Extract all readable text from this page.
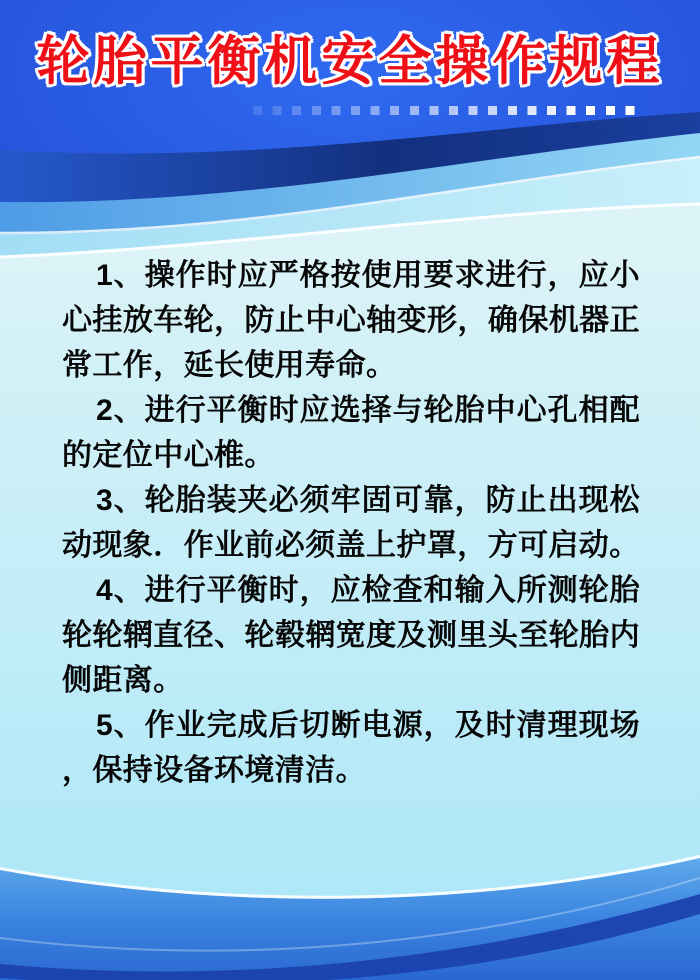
轮胎平衡机安全操作规程

1、操作时应严格按使用要求进行，应小心挂放车轮，防止中心轴变形，确保机器正常工作，延长使用寿命。

2、进行平衡时应选择与轮胎中心孔相配的定位中心椎。

3、轮胎装夹必须牢固可靠，防止出现松动现象．作业前必须盖上护罩，方可启动。

4、进行平衡时，应检查和输入所测轮胎轮轮辋直径、轮毂辋宽度及测里头至轮胎内侧距离。

5、作业完成后切断电源，及时清理现场，保持设备环境清洁。
